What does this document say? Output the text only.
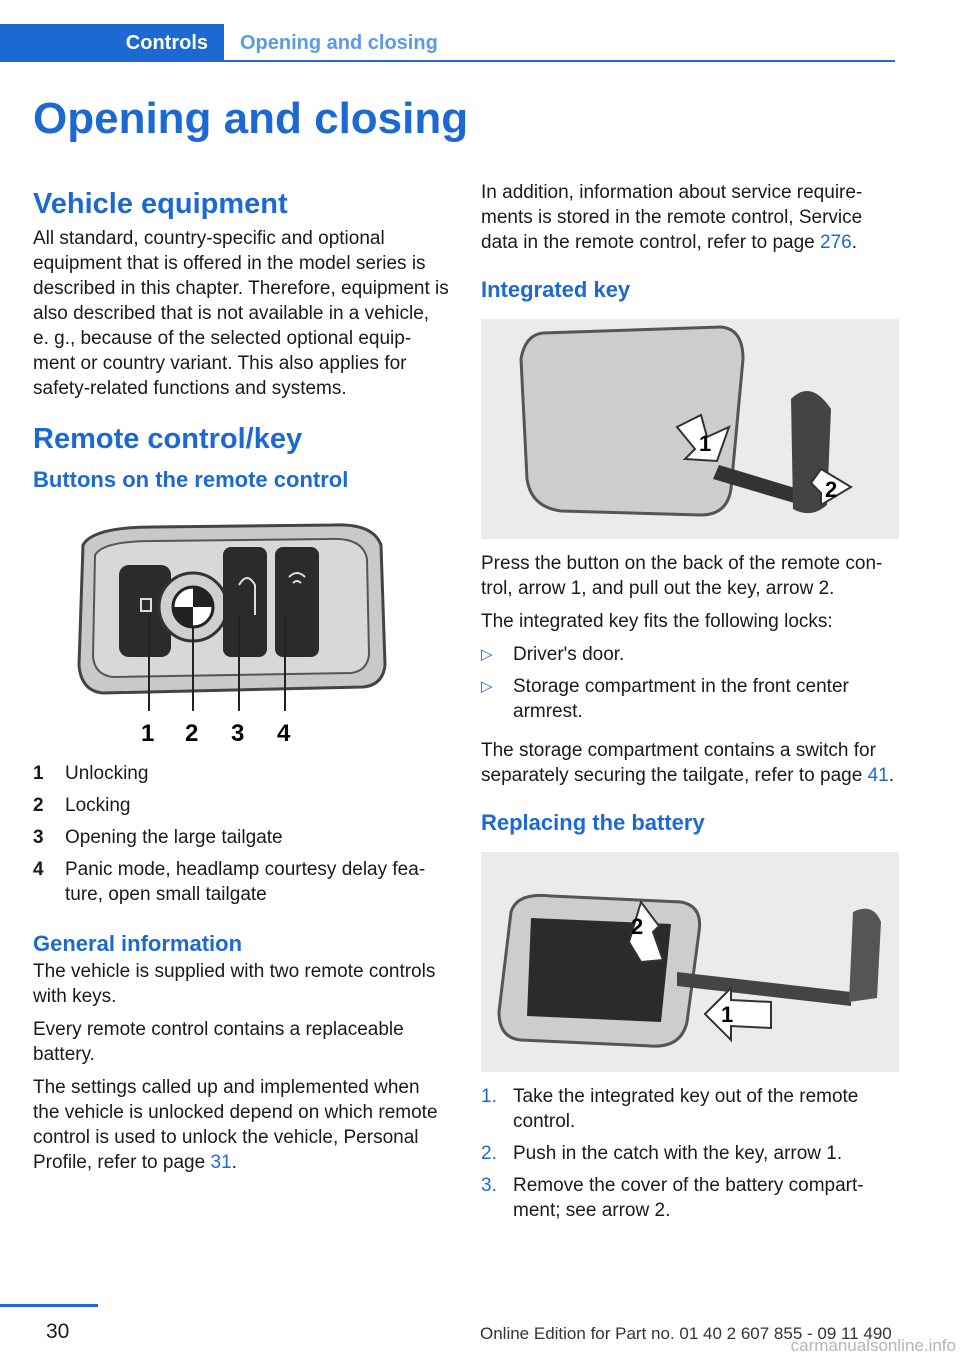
Controls Opening and closing
Opening and closing
Vehicle equipment

All standard, country-specific and optional equipment that is offered in the model series is described in this chapter. Therefore, equipment is also described that is not available in a vehicle, e. g., because of the selected optional equip‐ment or country variant. This also applies for safety-related functions and systems.

Remote control/key
Buttons on the remote control
1 2 3 4
1	Unlocking
2	Locking
3	Opening the large tailgate
4	Panic mode, headlamp courtesy delay fea‐ture, open small tailgate
General information

The vehicle is supplied with two remote controls with keys.

Every remote control contains a replaceable battery.

The settings called up and implemented when the vehicle is unlocked depend on which remote control is used to unlock the vehicle, Personal Profile, refer to page 31.

In addition, information about service require‐ments is stored in the remote control, Service data in the remote control, refer to page 276.

Integrated key
1
2

Press the button on the back of the remote con‐trol, arrow 1, and pull out the key, arrow 2.

The integrated key fits the following locks:

▷	Driver's door.
▷	Storage compartment in the front center armrest.

The storage compartment contains a switch for separately securing the tailgate, refer to page 41.

Replacing the battery
2
1
1. Take the integrated key out of the remote control.
2. Push in the catch with the key, arrow 1.
3. Remove the cover of the battery compart‐ment; see arrow 2.
30	Online Edition for Part no. 01 40 2 607 855 - 09 11 490
carmanualsonline.info
